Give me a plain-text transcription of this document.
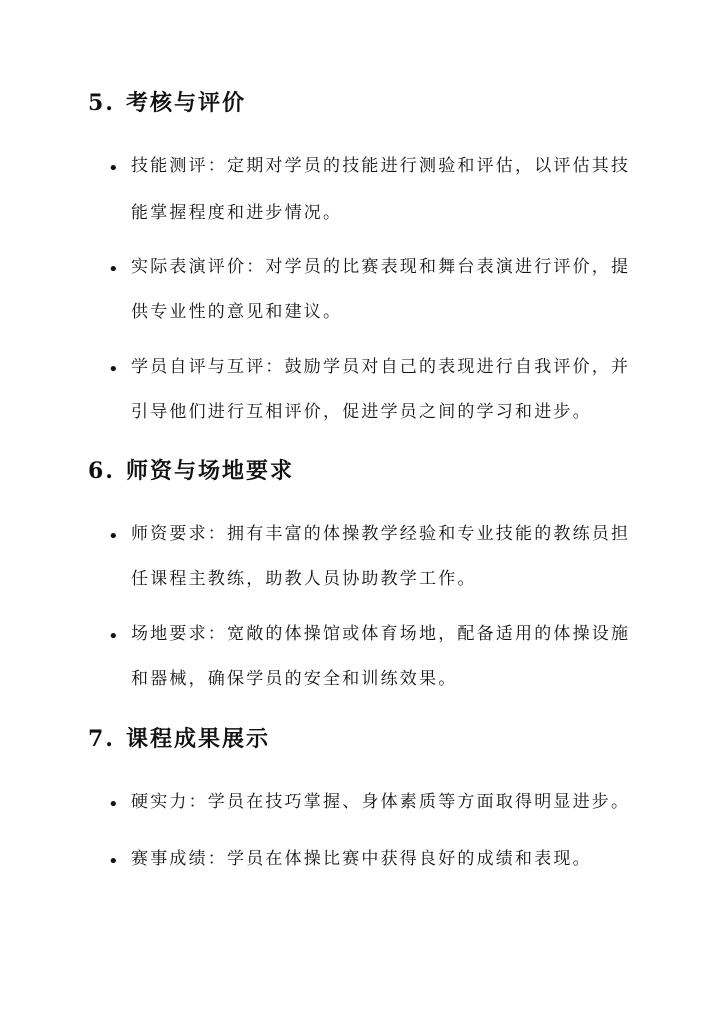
5. 考核与评价
• 技能测评：定期对学员的技能进行测验和评估，以评估其技
能掌握程度和进步情况。
• 实际表演评价：对学员的比赛表现和舞台表演进行评价，提
供专业性的意见和建议。
• 学员自评与互评：鼓励学员对自己的表现进行自我评价，并
引导他们进行互相评价，促进学员之间的学习和进步。
6. 师资与场地要求
• 师资要求：拥有丰富的体操教学经验和专业技能的教练员担
任课程主教练，助教人员协助教学工作。
• 场地要求：宽敞的体操馆或体育场地，配备适用的体操设施
和器械，确保学员的安全和训练效果。
7. 课程成果展示
• 硬实力：学员在技巧掌握、身体素质等方面取得明显进步。
• 赛事成绩：学员在体操比赛中获得良好的成绩和表现。
